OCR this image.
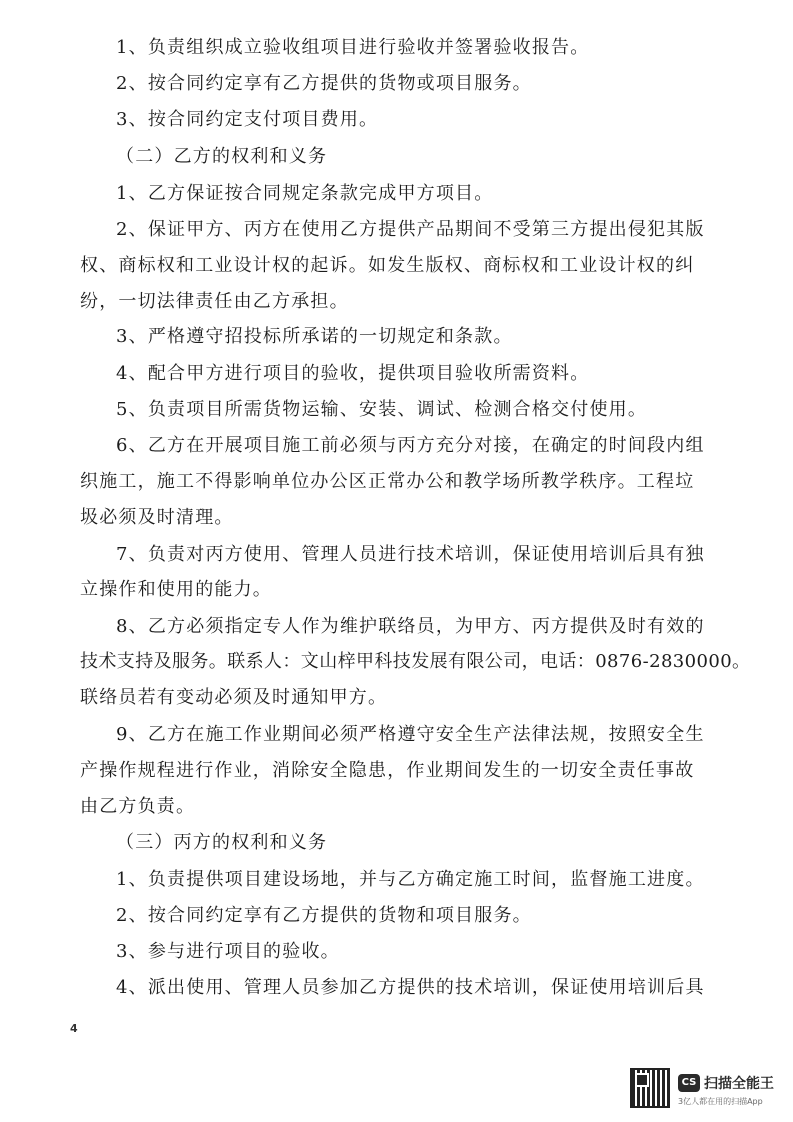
1、负责组织成立验收组项目进行验收并签署验收报告。
2、按合同约定享有乙方提供的货物或项目服务。
3、按合同约定支付项目费用。
（二）乙方的权利和义务
1、乙方保证按合同规定条款完成甲方项目。
2、保证甲方、丙方在使用乙方提供产品期间不受第三方提出侵犯其版
权、商标权和工业设计权的起诉。如发生版权、商标权和工业设计权的纠
纷，一切法律责任由乙方承担。
3、严格遵守招投标所承诺的一切规定和条款。
4、配合甲方进行项目的验收，提供项目验收所需资料。
5、负责项目所需货物运输、安装、调试、检测合格交付使用。
6、乙方在开展项目施工前必须与丙方充分对接，在确定的时间段内组
织施工，施工不得影响单位办公区正常办公和教学场所教学秩序。工程垃
圾必须及时清理。
7、负责对丙方使用、管理人员进行技术培训，保证使用培训后具有独
立操作和使用的能力。
8、乙方必须指定专人作为维护联络员，为甲方、丙方提供及时有效的
技术支持及服务。联系人：文山梓甲科技发展有限公司，电话：0876-2830000。
联络员若有变动必须及时通知甲方。
9、乙方在施工作业期间必须严格遵守安全生产法律法规，按照安全生
产操作规程进行作业，消除安全隐患，作业期间发生的一切安全责任事故
由乙方负责。
（三）丙方的权利和义务
1、负责提供项目建设场地，并与乙方确定施工时间，监督施工进度。
2、按合同约定享有乙方提供的货物和项目服务。
3、参与进行项目的验收。
4、派出使用、管理人员参加乙方提供的技术培训，保证使用培训后具
4
CS 扫描全能王
3亿人都在用的扫描App
